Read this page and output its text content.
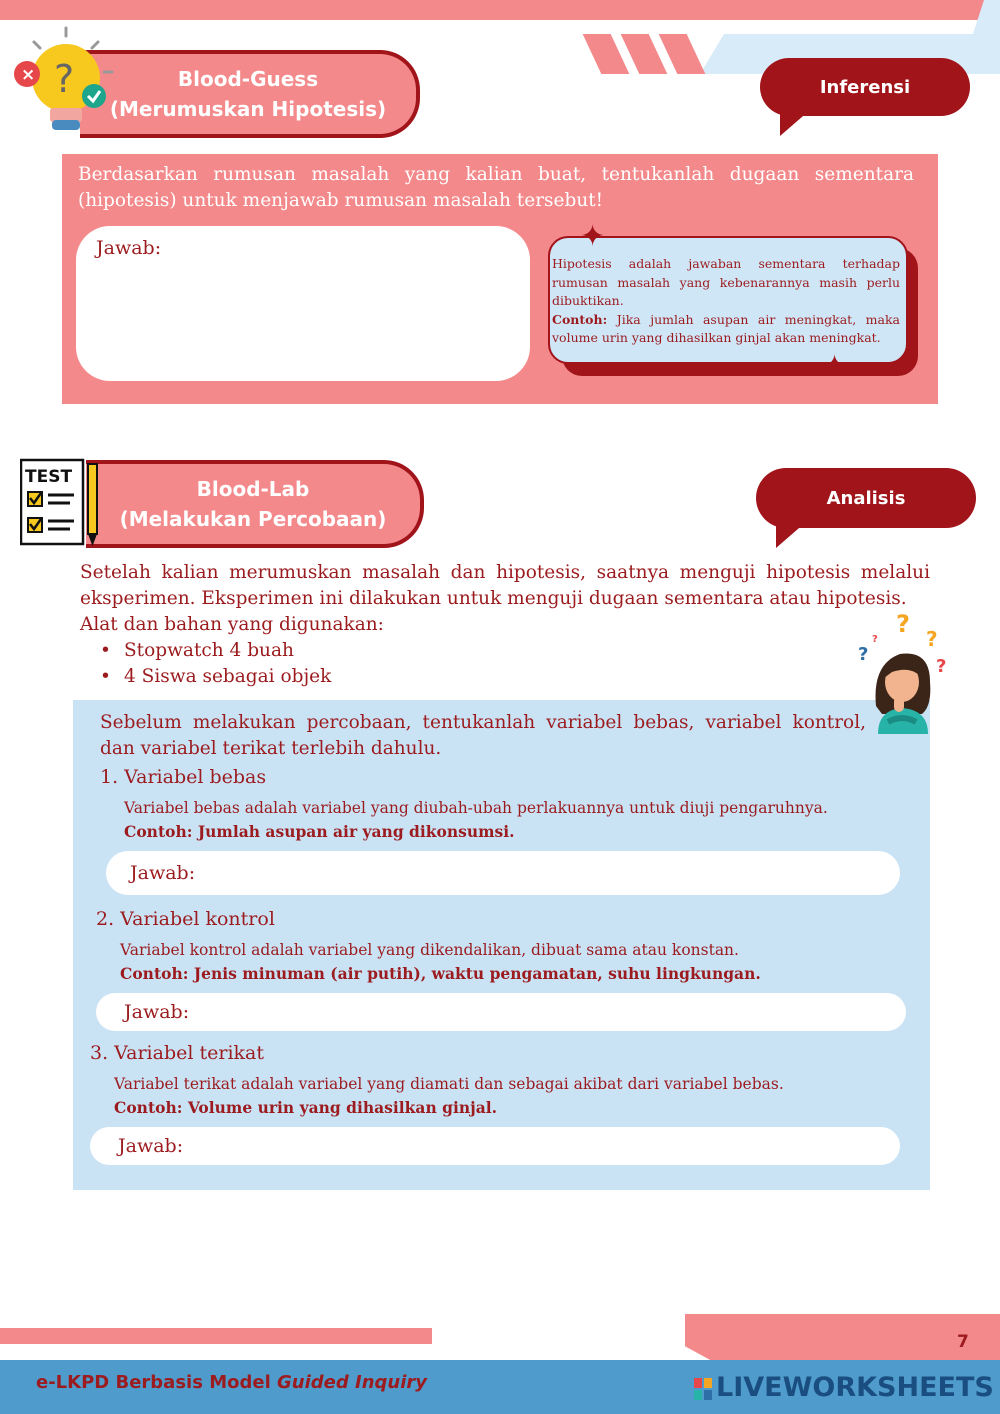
Blood-Guess
(Merumuskan Hipotesis)
?
×
Inferensi
Berdasarkan rumusan masalah yang kalian buat, tentukanlah dugaan sementara (hipotesis) untuk menjawab rumusan masalah tersebut!
Jawab:
Hipotesis adalah jawaban sementara terhadap rumusan masalah yang kebenarannya masih perlu dibuktikan.
Contoh: Jika jumlah asupan air meningkat, maka volume urin yang dihasilkan ginjal akan meningkat.
✦
✦
Blood-Lab
(Melakukan Percobaan)
TEST
Analisis

Setelah kalian merumuskan masalah dan hipotesis, saatnya menguji hipotesis melalui eksperimen. Eksperimen ini dilakukan untuk menguji dugaan sementara atau hipotesis.

Alat dan bahan yang digunakan:

• Stopwatch 4 buah
• 4 Siswa sebagai objek
?
?
?
?
?
Sebelum melakukan percobaan, tentukanlah variabel bebas, variabel kontrol, dan variabel terikat terlebih dahulu.
1. Variabel bebas
Variabel bebas adalah variabel yang diubah-ubah perlakuannya untuk diuji pengaruhnya.
Contoh: Jumlah asupan air yang dikonsumsi.
Jawab:
2. Variabel kontrol
Variabel kontrol adalah variabel yang dikendalikan, dibuat sama atau konstan.
Contoh: Jenis minuman (air putih), waktu pengamatan, suhu lingkungan.
Jawab:
3. Variabel terikat
Variabel terikat adalah variabel yang diamati dan sebagai akibat dari variabel bebas.
Contoh: Volume urin yang dihasilkan ginjal.
Jawab:
7
e-LKPD Berbasis Model Guided Inquiry	LIVEWORKSHEETS
